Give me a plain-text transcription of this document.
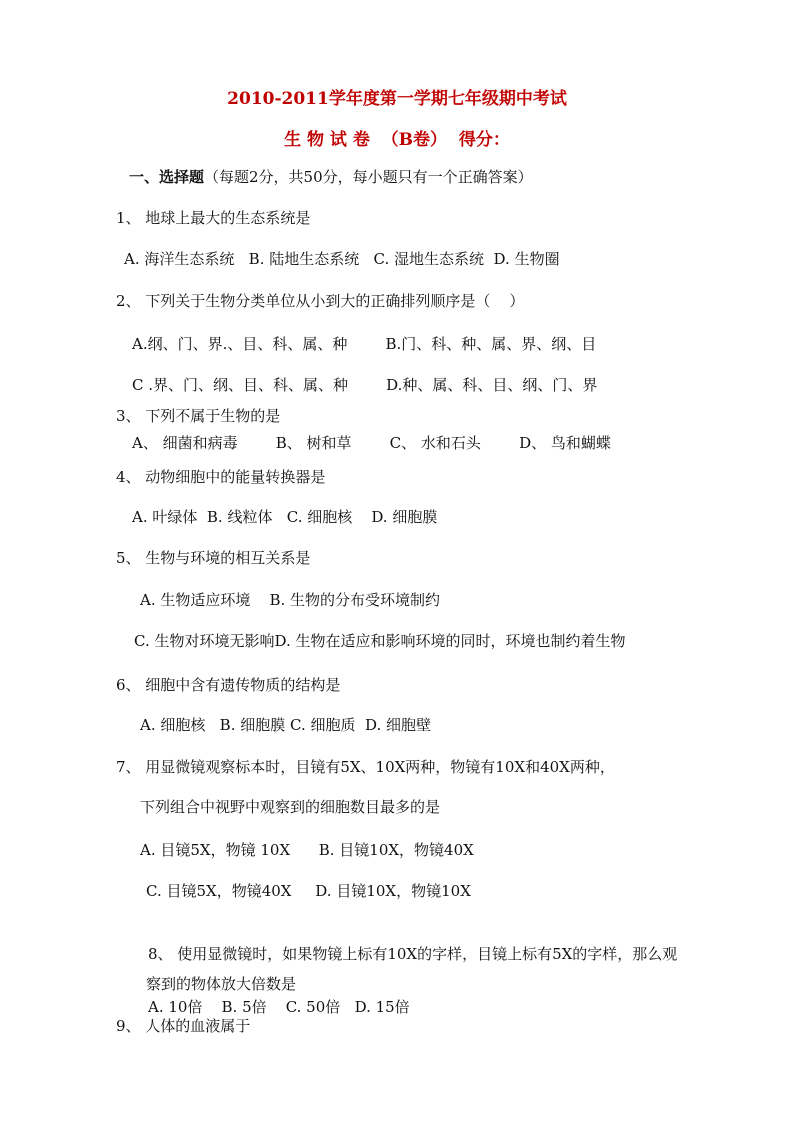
2010-2011学年度第一学期七年级期中考试
生 物 试 卷  （B卷）  得分：
一、选择题（每题2分，共50分，每小题只有一个正确答案）
1、 地球上最大的生态系统是
A. 海洋生态系统   B. 陆地生态系统   C. 湿地生态系统  D. 生物圈
2、 下列关于生物分类单位从小到大的正确排列顺序是（    ）
A.纲、门、界.、目、科、属、种        B.门、科、种、属、界、纲、目
C .界、门、纲、目、科、属、种        D.种、属、科、目、纲、门、界
3、 下列不属于生物的是
A、 细菌和病毒        B、 树和草        C、 水和石头        D、 鸟和蝴蝶
4、 动物细胞中的能量转换器是
A. 叶绿体  B. 线粒体   C. 细胞核    D. 细胞膜
5、 生物与环境的相互关系是
A. 生物适应环境    B. 生物的分布受环境制约
C. 生物对环境无影响D. 生物在适应和影响环境的同时，环境也制约着生物
6、 细胞中含有遗传物质的结构是
A. 细胞核   B. 细胞膜 C. 细胞质  D. 细胞壁
7、 用显微镜观察标本时，目镜有5X、10X两种，物镜有10X和40X两种，
下列组合中视野中观察到的细胞数目最多的是
A. 目镜5X，物镜 10X      B. 目镜10X，物镜40X
C. 目镜5X，物镜40X     D. 目镜10X，物镜10X
8、 使用显微镜时，如果物镜上标有10X的字样，目镜上标有5X的字样，那么观
察到的物体放大倍数是
A. 10倍    B. 5倍    C. 50倍   D. 15倍
9、 人体的血液属于
